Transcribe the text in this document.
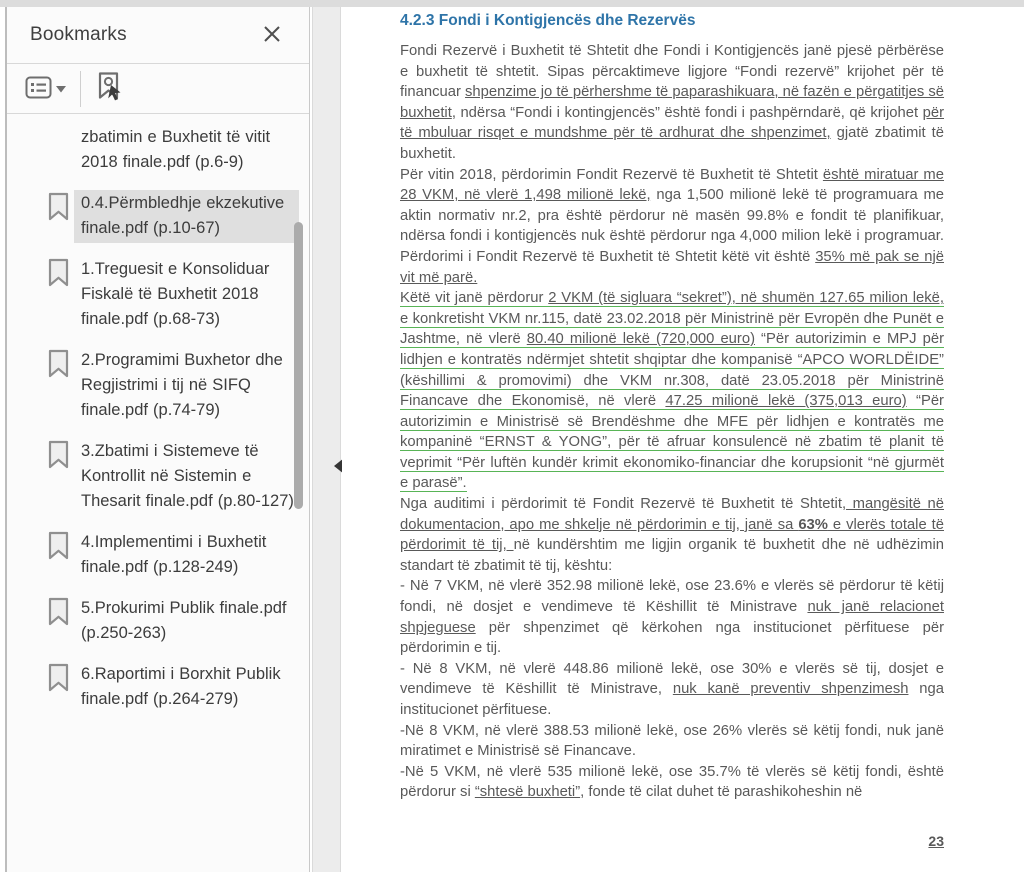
Bookmarks
zbatimin e Buxhetit të vitit 2018 finale.pdf (p.6-9)
0.4.Përmbledhje ekzekutive finale.pdf (p.10-67)
1.Treguesit e Konsoliduar Fiskalë të Buxhetit 2018 finale.pdf (p.68-73)
2.Programimi Buxhetor dhe Regjistrimi i tij në SIFQ finale.pdf (p.74-79)
3.Zbatimi i Sistemeve të Kontrollit në Sistemin e Thesarit finale.pdf (p.80-127)
4.Implementimi i Buxhetit finale.pdf (p.128-249)
5.Prokurimi Publik finale.pdf (p.250-263)
6.Raportimi i Borxhit Publik finale.pdf (p.264-279)
4.2.3 Fondi i Kontigjencës dhe Rezervës

Fondi Rezervë i Buxhetit të Shtetit dhe Fondi i Kontigjencës janë pjesë përbërëse e buxhetit të shtetit. Sipas përcaktimeve ligjore “Fondi rezervë” krijohet për të financuar shpenzime jo të përhershme të paparashikuara, në fazën e përgatitjes së buxhetit, ndërsa “Fondi i kontingjencës” është fondi i pashpërndarë, që krijohet për të mbuluar risqet e mundshme për të ardhurat dhe shpenzimet, gjatë zbatimit të buxhetit.

Për vitin 2018, përdorimin Fondit Rezervë të Buxhetit të Shtetit është miratuar me 28 VKM, në vlerë 1,498 milionë lekë, nga 1,500 milionë lekë të programuara me aktin normativ nr.2, pra është përdorur në masën 99.8% e fondit të planifikuar, ndërsa fondi i kontigjencës nuk është përdorur nga 4,000 milion lekë i programuar. Përdorimi i Fondit Rezervë të Buxhetit të Shtetit këtë vit është 35% më pak se një vit më parë.

Këtë vit janë përdorur 2 VKM (të sigluara “sekret”), në shumën 127.65 milion lekë, e konkretisht VKM nr.115, datë 23.02.2018 për Ministrinë për Evropën dhe Punët e Jashtme, në vlerë 80.40 milionë lekë (720,000 euro) “Për autorizimin e MPJ për lidhjen e kontratës ndërmjet shtetit shqiptar dhe kompanisë “APCO WORLDËIDE” (këshillimi & promovimi) dhe VKM nr.308, datë 23.05.2018 për Ministrinë Financave dhe Ekonomisë, në vlerë 47.25 milionë lekë (375,013 euro) “Për autorizimin e Ministrisë së Brendëshme dhe MFE për lidhjen e kontratës me kompaninë “ERNST & YONG”, për të afruar konsulencë në zbatim të planit të veprimit “Për luftën kundër krimit ekonomiko-financiar dhe korupsionit “në gjurmët e parasë”.

Nga auditimi i përdorimit të Fondit Rezervë të Buxhetit të Shtetit, mangësitë në dokumentacion, apo me shkelje në përdorimin e tij, janë sa 63% e vlerës totale të përdorimit të tij, në kundërshtim me ligjin organik të buxhetit dhe në udhëzimin standart të zbatimit të tij, kështu:

- Në 7 VKM, në vlerë 352.98 milionë lekë, ose 23.6% e vlerës së përdorur të këtij fondi, në dosjet e vendimeve të Këshillit të Ministrave nuk janë relacionet shpjeguese për shpenzimet që kërkohen nga institucionet përfituese për përdorimin e tij.

- Në 8 VKM, në vlerë 448.86 milionë lekë, ose 30% e vlerës së tij, dosjet e vendimeve të Këshillit të Ministrave, nuk kanë preventiv shpenzimesh nga institucionet përfituese.

-Në 8 VKM, në vlerë 388.53 milionë lekë, ose 26% vlerës së këtij fondi, nuk janë miratimet e Ministrisë së Financave.

-Në 5 VKM, në vlerë 535 milionë lekë, ose 35.7% të vlerës së këtij fondi, është përdorur si “shtesë buxheti”, fonde të cilat duhet të parashikoheshin në

23
